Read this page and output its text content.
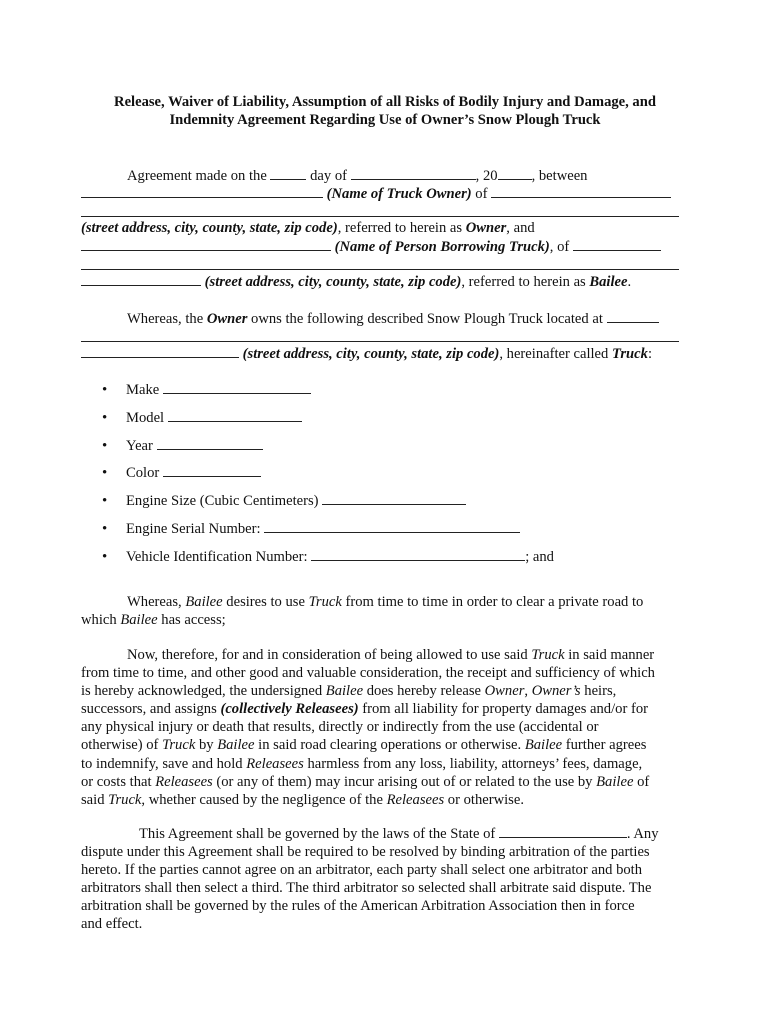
Release, Waiver of Liability, Assumption of all Risks of Bodily Injury and Damage, and
Indemnity Agreement Regarding Use of Owner’s Snow Plough Truck
Agreement made on the	day of	, 20 , between
(Name of Truck Owner) of
(street address, city, county, state, zip code), referred to herein as Owner, and
(Name of Person Borrowing Truck), of
(street address, city, county, state, zip code), referred to herein as Bailee.
Whereas, the Owner owns the following described Snow Plough Truck located at
(street address, city, county, state, zip code), hereinafter called Truck:
• Make
• Model
• Year
• Color
• Engine Size (Cubic Centimeters)
• Engine Serial Number:
• Vehicle Identification Number:	; and
Whereas, Bailee desires to use Truck from time to time in order to clear a private road to
which Bailee has access;
Now, therefore, for and in consideration of being allowed to use said Truck in said manner
from time to time, and other good and valuable consideration, the receipt and sufficiency of which
is hereby acknowledged, the undersigned Bailee does hereby release Owner, Owner’s heirs,
successors, and assigns (collectively Releasees) from all liability for property damages and/or for
any physical injury or death that results, directly or indirectly from the use (accidental or
otherwise) of Truck by Bailee in said road clearing operations or otherwise. Bailee further agrees
to indemnify, save and hold Releasees harmless from any loss, liability, attorneys’ fees, damage,
or costs that Releasees (or any of them) may incur arising out of or related to the use by Bailee of
said Truck, whether caused by the negligence of the Releasees or otherwise.
This Agreement shall be governed by the laws of the State of	. Any
dispute under this Agreement shall be required to be resolved by binding arbitration of the parties
hereto. If the parties cannot agree on an arbitrator, each party shall select one arbitrator and both
arbitrators shall then select a third. The third arbitrator so selected shall arbitrate said dispute. The
arbitration shall be governed by the rules of the American Arbitration Association then in force
and effect.
